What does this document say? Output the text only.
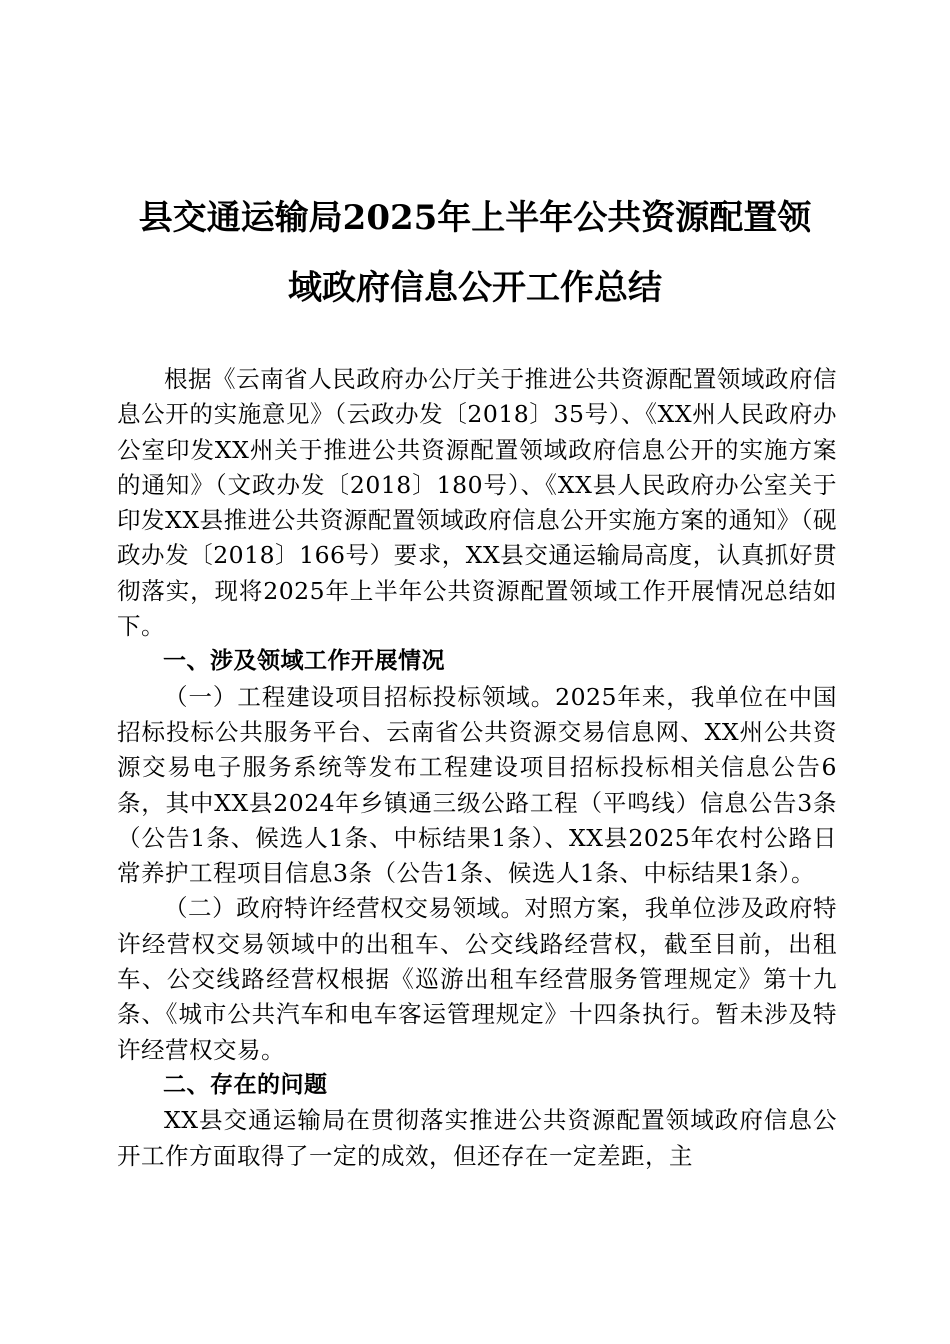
县交通运输局2025年上半年公共资源配置领
域政府信息公开工作总结

根据《云南省人民政府办公厅关于推进公共资源配置领域政府信息公开的实施意见》（云政办发〔2018〕35号）、《XX州人民政府办公室印发XX州关于推进公共资源配置领域政府信息公开的实施方案的通知》（文政办发〔2018〕180号）、《XX县人民政府办公室关于印发XX县推进公共资源配置领域政府信息公开实施方案的通知》（砚政办发〔2018〕166号）要求，XX县交通运输局高度，认真抓好贯彻落实，现将2025年上半年公共资源配置领域工作开展情况总结如下。

一、涉及领域工作开展情况

（一）工程建设项目招标投标领域。2025年来，我单位在中国招标投标公共服务平台、云南省公共资源交易信息网、XX州公共资源交易电子服务系统等发布工程建设项目招标投标相关信息公告6条，其中XX县2024年乡镇通三级公路工程（平鸣线）信息公告3条（公告1条、候选人1条、中标结果1条）、XX县2025年农村公路日常养护工程项目信息3条（公告1条、候选人1条、中标结果1条）。

（二）政府特许经营权交易领域。对照方案，我单位涉及政府特许经营权交易领域中的出租车、公交线路经营权，截至目前，出租车、公交线路经营权根据《巡游出租车经营服务管理规定》第十九条、《城市公共汽车和电车客运管理规定》十四条执行。暂未涉及特许经营权交易。

二、存在的问题

XX县交通运输局在贯彻落实推进公共资源配置领域政府信息公开工作方面取得了一定的成效，但还存在一定差距，主
